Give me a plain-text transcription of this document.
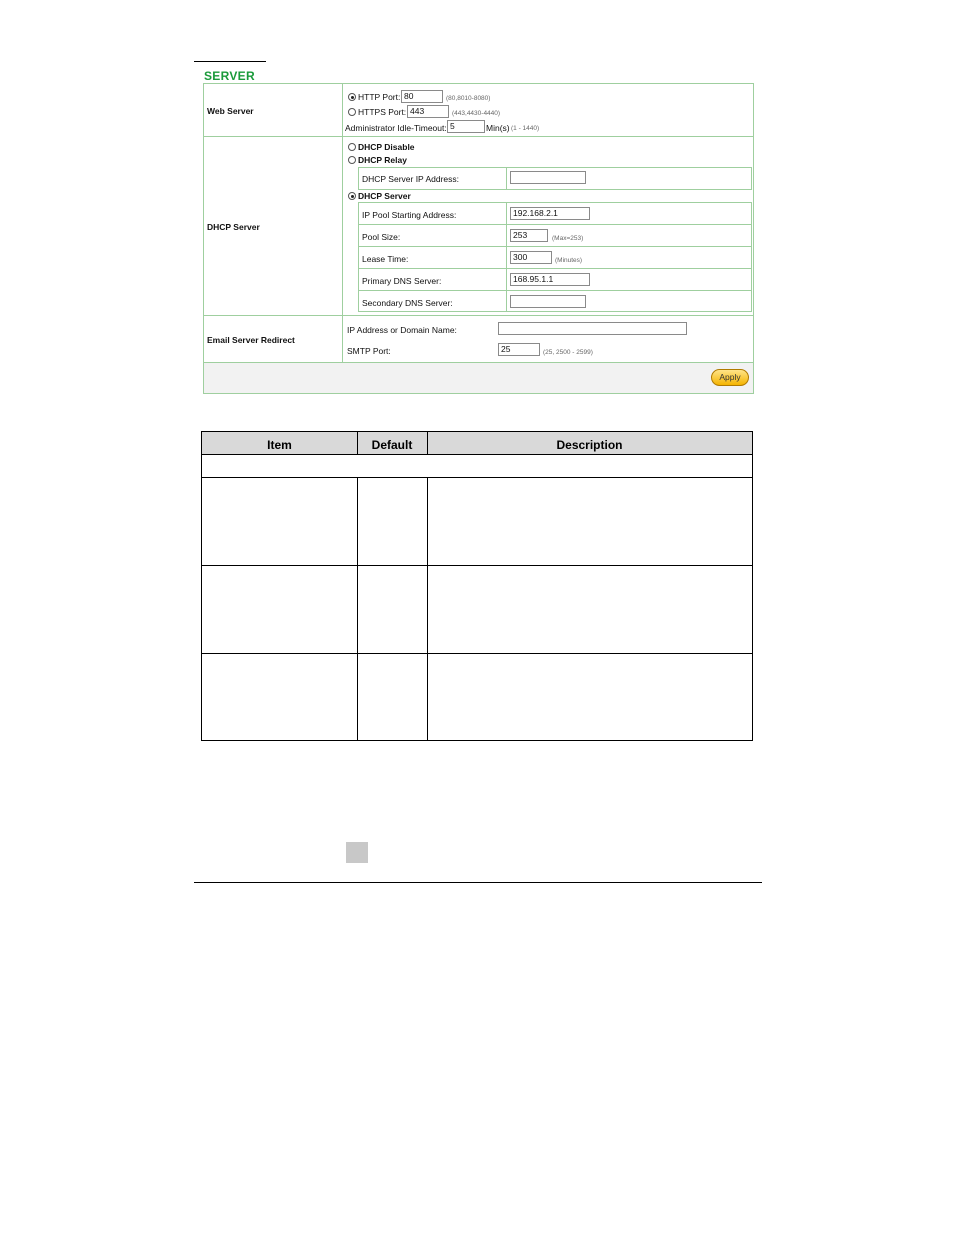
SERVER
Web Server
HTTP Port: 80	(80,8010-8080)
HTTPS Port: 443	(443,4430-4440)
Administrator Idle-Timeout: 5	Min(s) (1 - 1440)
DHCP Server
DHCP Disable
DHCP Relay
DHCP Server IP Address:
DHCP Server
IP Pool Starting Address:	192.168.2.1
Pool Size:	253	(Max=253)
Lease Time:	300	(Minutes)
Primary DNS Server:	168.95.1.1
Secondary DNS Server:
Email Server Redirect
IP Address or Domain Name:
SMTP Port:	25	(25, 2500 - 2599)
Apply
Item	Default	Description
